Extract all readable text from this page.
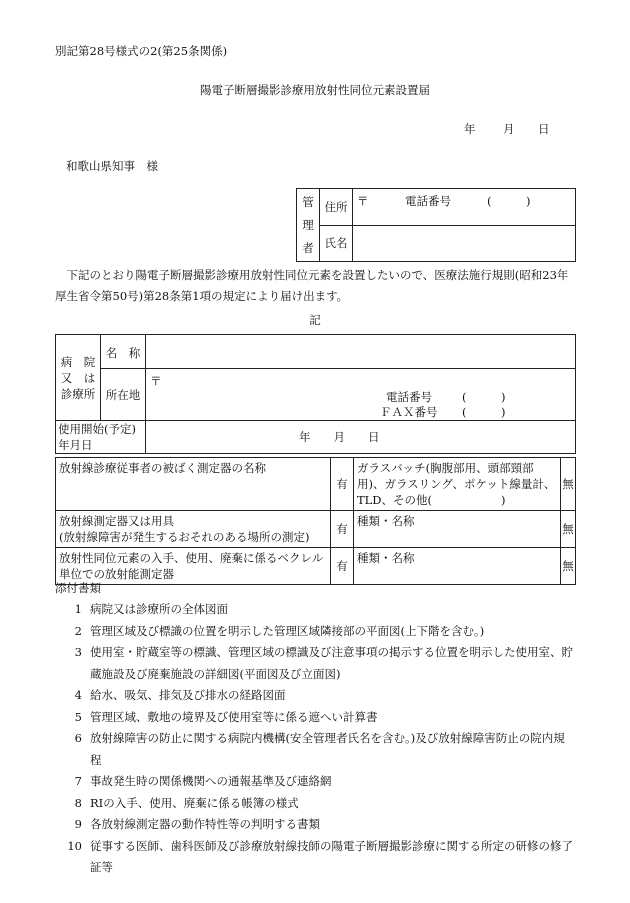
別記第28号様式の2(第25条関係)
陽電子断層撮影診療用放射性同位元素設置届
年 月 日
和歌山県知事　様
管
理
者	住所	〒 電話番号 (　　　)

	氏名	
　下記のとおり陽電子断層撮影診療用放射性同位元素を設置したいので、医療法施行規則(昭和23年厚生省令第50号)第28条第1項の規定により届け出ます。
記
病　院
又　は
診療所	名　称	
	所在地	〒
電話番号 (　　　)
ＦＡＸ番号 (　　　)

使用開始(予定)年月日		年　　月　　日
放射線診療従事者の被ばく測定器の名称	有	ガラスバッチ(胸腹部用、頭部頸部用)、ガラスリング、ポケット線量計、TLD、その他(　　　　　　)	無
放射線測定器又は用具
(放射線障害が発生するおそれのある場所の測定)	有	種類・名称	無
放射性同位元素の入手、使用、廃棄に係るベクレル単位での放射能測定器	有	種類・名称	無
添付書類
1 病院又は診療所の全体図面
2 管理区域及び標識の位置を明示した管理区域隣接部の平面図(上下階を含む。)
3 使用室・貯蔵室等の標識、管理区域の標識及び注意事項の掲示する位置を明示した使用室、貯蔵施設及び廃棄施設の詳細図(平面図及び立面図)
4 給水、吸気、排気及び排水の経路図面
5 管理区域、敷地の境界及び使用室等に係る遮へい計算書
6 放射線障害の防止に関する病院内機構(安全管理者氏名を含む。)及び放射線障害防止の院内規程
7 事故発生時の関係機関への通報基準及び連絡網
8 RIの入手、使用、廃棄に係る帳簿の様式
9 各放射線測定器の動作特性等の判明する書類
10 従事する医師、歯科医師及び診療放射線技師の陽電子断層撮影診療に関する所定の研修の修了証等
